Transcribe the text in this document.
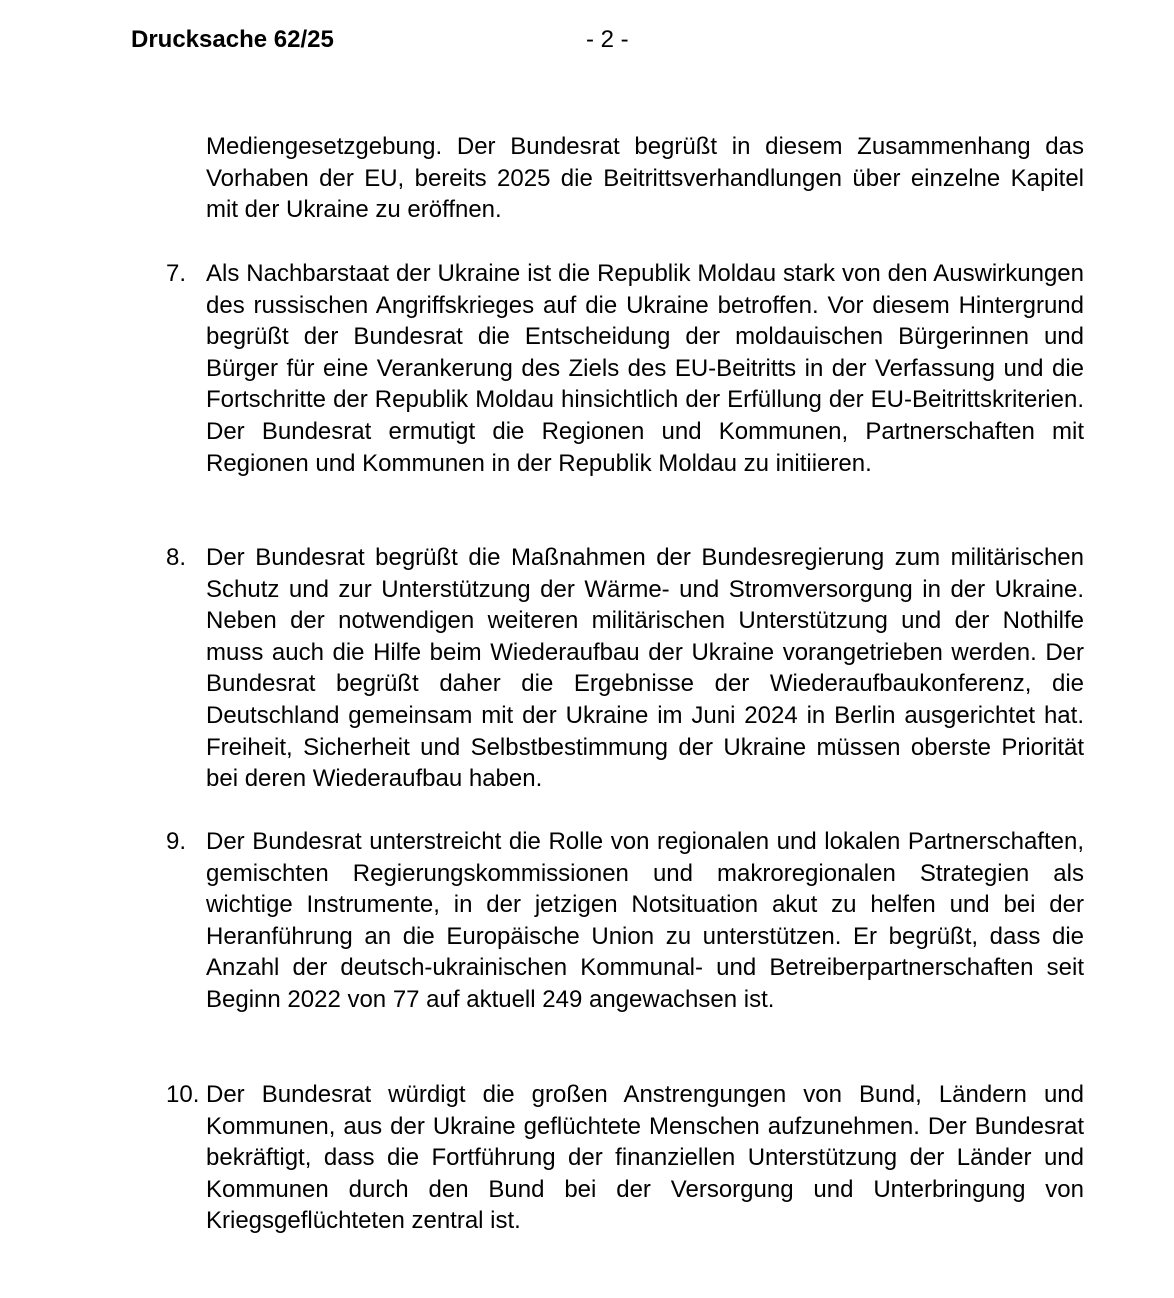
Drucksache 62/25	- 2 -
Mediengesetzgebung. Der Bundesrat begrüßt in diesem Zusammenhang das Vorhaben der EU, bereits 2025 die Beitrittsverhandlungen über einzelne Kapitel mit der Ukraine zu eröffnen.
7. Als Nachbarstaat der Ukraine ist die Republik Moldau stark von den Auswirkungen des russischen Angriffskrieges auf die Ukraine betroffen. Vor diesem Hintergrund begrüßt der Bundesrat die Entscheidung der moldauischen Bürgerinnen und Bürger für eine Verankerung des Ziels des EU-Beitritts in der Verfassung und die Fortschritte der Republik Moldau hinsichtlich der Erfüllung der EU-Beitrittskriterien. Der Bundesrat ermutigt die Regionen und Kommunen, Partnerschaften mit Regionen und Kommunen in der Republik Moldau zu initiieren.
8. Der Bundesrat begrüßt die Maßnahmen der Bundesregierung zum militärischen Schutz und zur Unterstützung der Wärme- und Stromversorgung in der Ukraine. Neben der notwendigen weiteren militärischen Unterstützung und der Nothilfe muss auch die Hilfe beim Wiederaufbau der Ukraine vorangetrieben werden. Der Bundesrat begrüßt daher die Ergebnisse der Wiederaufbaukonferenz, die Deutschland gemeinsam mit der Ukraine im Juni 2024 in Berlin ausgerichtet hat. Freiheit, Sicherheit und Selbstbestimmung der Ukraine müssen oberste Priorität bei deren Wiederaufbau haben.
9. Der Bundesrat unterstreicht die Rolle von regionalen und lokalen Partnerschaften, gemischten Regierungskommissionen und makroregionalen Strategien als wichtige Instrumente, in der jetzigen Notsituation akut zu helfen und bei der Heranführung an die Europäische Union zu unterstützen. Er begrüßt, dass die Anzahl der deutsch-ukrainischen Kommunal- und Betreiberpartnerschaften seit Beginn 2022 von 77 auf aktuell 249 angewachsen ist.
10. Der Bundesrat würdigt die großen Anstrengungen von Bund, Ländern und Kommunen, aus der Ukraine geflüchtete Menschen aufzunehmen. Der Bundesrat bekräftigt, dass die Fortführung der finanziellen Unterstützung der Länder und Kommunen durch den Bund bei der Versorgung und Unterbringung von Kriegsgeflüchteten zentral ist.
